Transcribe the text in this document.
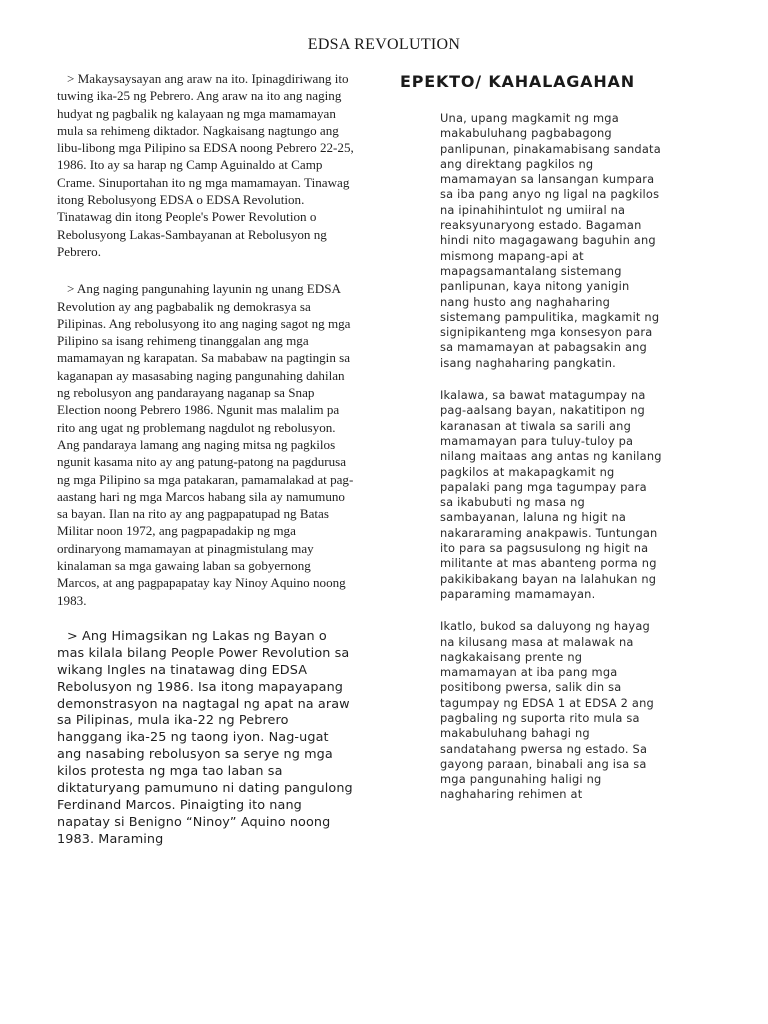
EDSA REVOLUTION

> Makaysaysayan ang araw na ito. Ipinagdiriwang ito tuwing ika-25 ng Pebrero. Ang araw na ito ang naging hudyat ng pagbalik ng kalayaan ng mga mamamayan mula sa rehimeng diktador. Nagkaisang nagtungo ang libu-libong mga Pilipino sa EDSA noong Pebrero 22-25, 1986. Ito ay sa harap ng Camp Aguinaldo at Camp Crame. Sinuportahan ito ng mga mamamayan. Tinawag itong Rebolusyong EDSA o EDSA Revolution. Tinatawag din itong People's Power Revolution o Rebolusyong Lakas-Sambayanan at Rebolusyon ng Pebrero.

> Ang naging pangunahing layunin ng unang EDSA Revolution ay ang pagbabalik ng demokrasya sa Pilipinas. Ang rebolusyong ito ang naging sagot ng mga Pilipino sa isang rehimeng tinanggalan ang mga mamamayan ng karapatan. Sa mababaw na pagtingin sa kaganapan ay masasabing naging pangunahing dahilan ng rebolusyon ang pandarayang naganap sa Snap Election noong Pebrero 1986. Ngunit mas malalim pa rito ang ugat ng problemang nagdulot ng rebolusyon. Ang pandaraya lamang ang naging mitsa ng pagkilos ngunit kasama nito ay ang patung-patong na pagdurusa ng mga Pilipino sa mga patakaran, pamamalakad at pag-aastang hari ng mga Marcos habang sila ay namumuno sa bayan. Ilan na rito ay ang pagpapatupad ng Batas Militar noon 1972, ang pagpapadakip ng mga ordinaryong mamamayan at pinagmistulang may kinalaman sa mga gawaing laban sa gobyernong Marcos, at ang pagpapapatay kay Ninoy Aquino noong 1983.

> Ang Himagsikan ng Lakas ng Bayan o mas kilala bilang People Power Revolution sa wikang Ingles na tinatawag ding EDSA Rebolusyon ng 1986. Isa itong mapayapang demonstrasyon na nagtagal ng apat na araw sa Pilipinas, mula ika-22 ng Pebrero hanggang ika-25 ng taong iyon. Nag-ugat ang nasabing rebolusyon sa serye ng mga kilos protesta ng mga tao laban sa diktaturyang pamumuno ni dating pangulong Ferdinand Marcos. Pinaigting ito nang napatay si Benigno “Ninoy” Aquino noong 1983. Maraming

EPEKTO/ KAHALAGAHAN

Una, upang magkamit ng mga makabuluhang pagbabagong panlipunan, pinakamabisang sandata ang direktang pagkilos ng mamamayan sa lansangan kumpara sa iba pang anyo ng ligal na pagkilos na ipinahihintulot ng umiiral na reaksyunaryong estado. Bagaman hindi nito magagawang baguhin ang mismong mapang-api at mapagsamantalang sistemang panlipunan, kaya nitong yanigin nang husto ang naghaharing sistemang pampulitika, magkamit ng signipikanteng mga konsesyon para sa mamamayan at pabagsakin ang isang naghaharing pangkatin.

Ikalawa, sa bawat matagumpay na pag-aalsang bayan, nakatitipon ng karanasan at tiwala sa sarili ang mamamayan para tuluy-tuloy pa nilang maitaas ang antas ng kanilang pagkilos at makapagkamit ng papalaki pang mga tagumpay para sa ikabubuti ng masa ng sambayanan, laluna ng higit na nakararaming anakpawis. Tuntungan ito para sa pagsusulong ng higit na militante at mas abanteng porma ng pakikibakang bayan na lalahukan ng paparaming mamamayan.

Ikatlo, bukod sa daluyong ng hayag na kilusang masa at malawak na nagkakaisang prente ng mamamayan at iba pang mga positibong pwersa, salik din sa tagumpay ng EDSA 1 at EDSA 2 ang pagbaling ng suporta rito mula sa makabuluhang bahagi ng sandatahang pwersa ng estado. Sa gayong paraan, binabali ang isa sa mga pangunahing haligi ng naghaharing rehimen at
